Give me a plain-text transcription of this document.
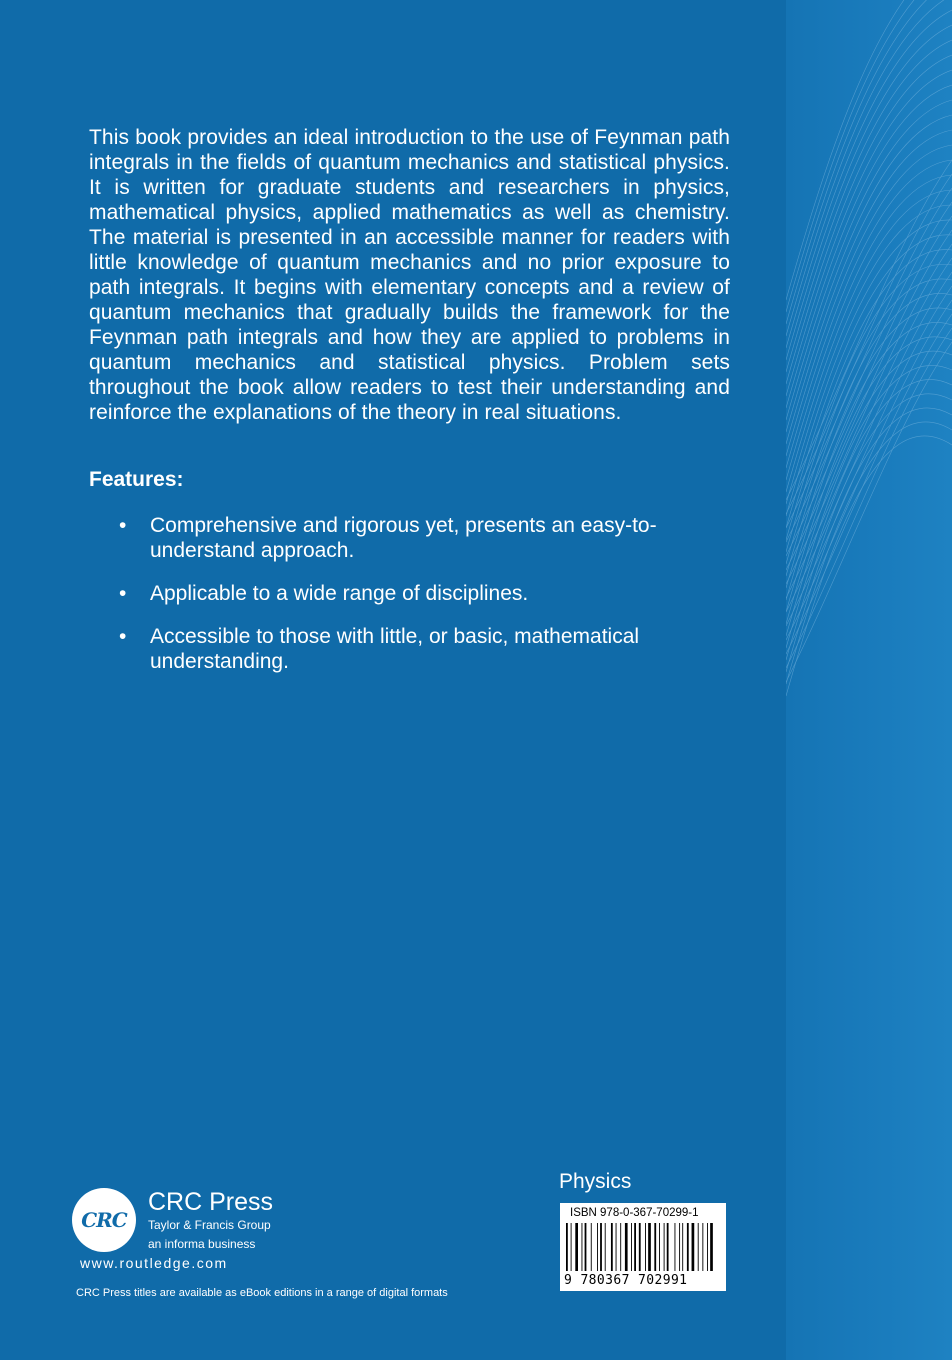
This book provides an ideal introduction to the use of Feynman path integrals in the fields of quantum mechanics and statistical physics. It is written for graduate students and researchers in physics, mathematical physics, applied mathematics as well as chemistry. The material is presented in an accessible manner for readers with little knowledge of quantum mechanics and no prior exposure to path integrals. It begins with elementary concepts and a review of quantum mechanics that gradually builds the framework for the Feynman path integrals and how they are applied to problems in quantum mechanics and statistical physics. Problem sets throughout the book allow readers to test their understanding and reinforce the explanations of the theory in real situations.

Features:
• Comprehensive and rigorous yet, presents an easy-to-understand approach.
• Applicable to a wide range of disciplines.
• Accessible to those with little, or basic, mathematical understanding.
CRC
CRC Press
Taylor & Francis Group
an informa business
www.routledge.com
CRC Press titles are available as eBook editions in a range of digital formats
Physics
ISBN 978-0-367-70299-1
9 780367 702991
